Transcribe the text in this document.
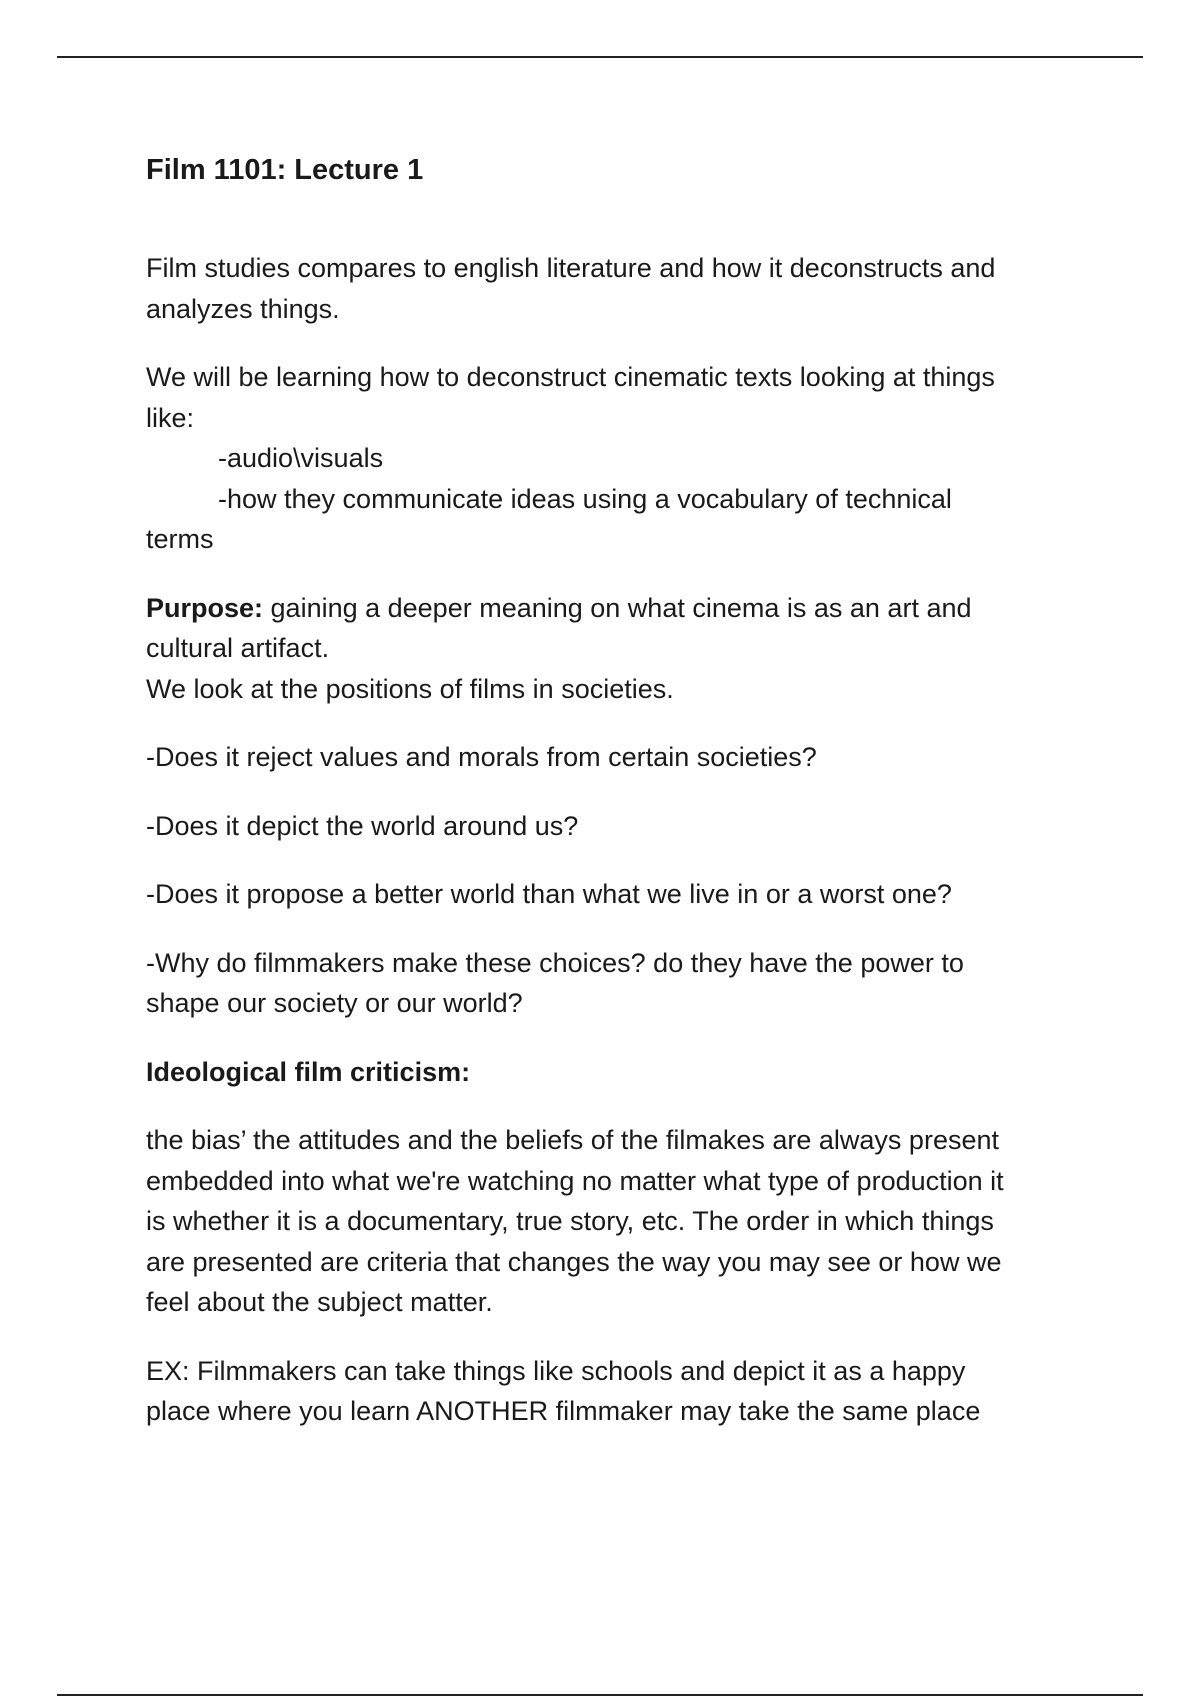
Film 1101: Lecture 1
Film studies compares to english literature and how it deconstructs and
analyzes things.
We will be learning how to deconstruct cinematic texts looking at things
like:
-audio\visuals
-how they communicate ideas using a vocabulary of technical
terms
Purpose: gaining a deeper meaning on what cinema is as an art and
cultural artifact.
We look at the positions of films in societies.
-Does it reject values and morals from certain societies?
-Does it depict the world around us?
-Does it propose a better world than what we live in or a worst one?
-Why do filmmakers make these choices? do they have the power to
shape our society or our world?
Ideological film criticism:
the bias’ the attitudes and the beliefs of the filmakes are always present
embedded into what we're watching no matter what type of production it
is whether it is a documentary, true story, etc. The order in which things
are presented are criteria that changes the way you may see or how we
feel about the subject matter.
EX: Filmmakers can take things like schools and depict it as a happy
place where you learn ANOTHER filmmaker may take the same place
